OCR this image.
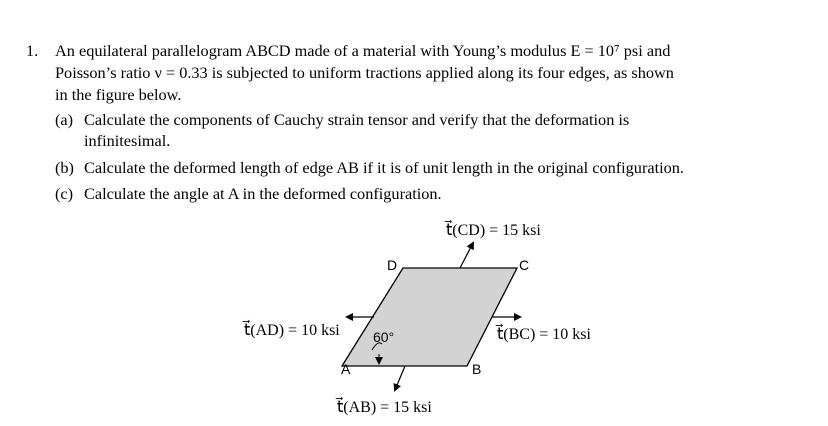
1. An equilateral parallelogram ABCD made of a material with Young’s modulus E = 10⁷ psi and
Poisson’s ratio ν = 0.33 is subjected to uniform tractions applied along its four edges, as shown
in the figure below.
(a) Calculate the components of Cauchy strain tensor and verify that the deformation is
infinitesimal.
(b) Calculate the deformed length of edge AB if it is of unit length in the original configuration.
(c) Calculate the angle at A in the deformed configuration.
D	C
A	B
60°
t⃗(CD) = 15 ksi
t⃗(AD) = 10 ksi	t⃗(BC) = 10 ksi
t⃗(AB) = 15 ksi
